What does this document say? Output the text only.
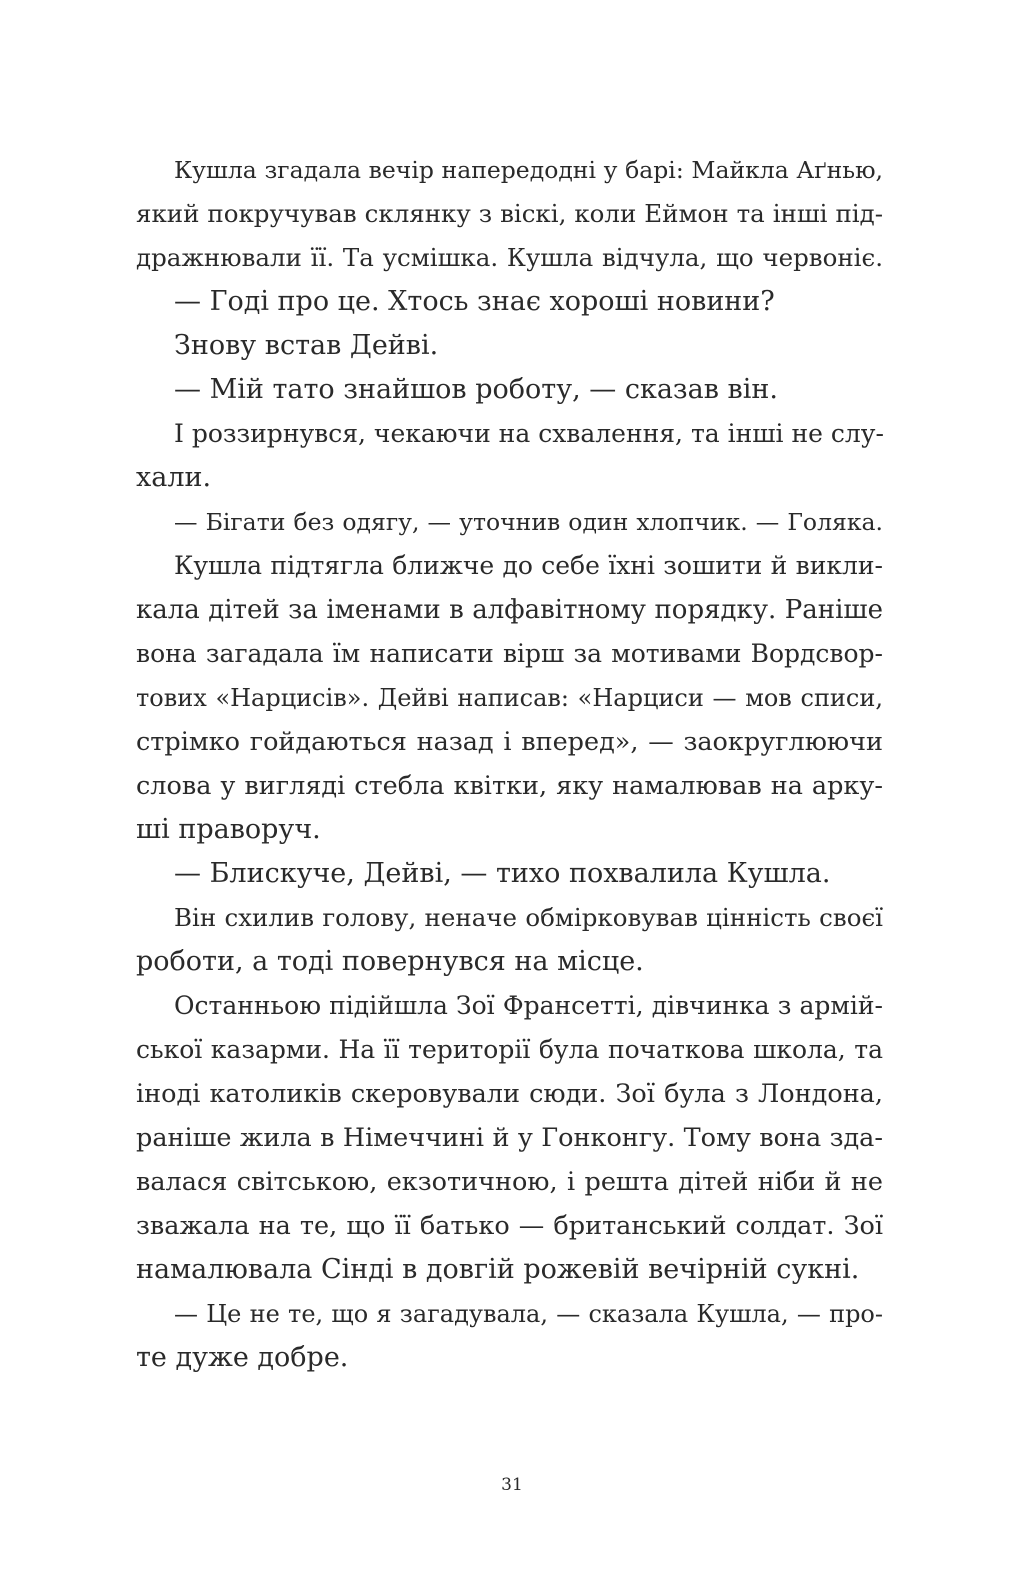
Кушла згадала вечір напередодні у барі: Майкла Аґнью,
який покручував склянку з віскі, коли Еймон та інші під-
дражнювали її. Та усмішка. Кушла відчула, що червоніє.
— Годі про це. Хтось знає хороші новини?
Знову встав Дейві.
— Мій тато знайшов роботу, — сказав він.
І роззирнувся, чекаючи на схвалення, та інші не слу-
хали.
— Бігати без одягу, — уточнив один хлопчик. — Голяка.
Кушла підтягла ближче до себе їхні зошити й викли-
кала дітей за іменами в алфавітному порядку. Раніше
вона загадала їм написати вірш за мотивами Вордсвор-
тових «Нарцисів». Дейві написав: «Нарциси — мов списи,
стрімко гойдаються назад і вперед», — заокруглюючи
слова у вигляді стебла квітки, яку намалював на арку-
ші праворуч.
— Блискуче, Дейві, — тихо похвалила Кушла.
Він схилив голову, неначе обмірковував цінність своєї
роботи, а тоді повернувся на місце.
Останньою підійшла Зої Франсетті, дівчинка з армій-
ської казарми. На її території була початкова школа, та
іноді католиків скеровували сюди. Зої була з Лондона,
раніше жила в Німеччині й у Гонконгу. Тому вона зда-
валася світською, екзотичною, і решта дітей ніби й не
зважала на те, що її батько — британський солдат. Зої
намалювала Сінді в довгій рожевій вечірній сукні.
— Це не те, що я загадувала, — сказала Кушла, — про-
те дуже добре.
31
